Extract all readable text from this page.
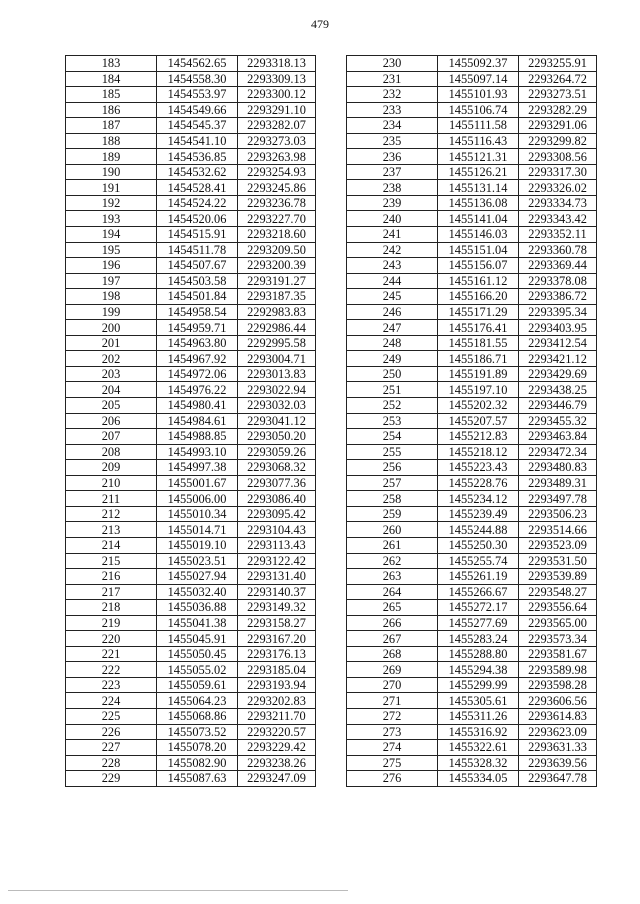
479
183	1454562.65	2293318.13
184	1454558.30	2293309.13
185	1454553.97	2293300.12
186	1454549.66	2293291.10
187	1454545.37	2293282.07
188	1454541.10	2293273.03
189	1454536.85	2293263.98
190	1454532.62	2293254.93
191	1454528.41	2293245.86
192	1454524.22	2293236.78
193	1454520.06	2293227.70
194	1454515.91	2293218.60
195	1454511.78	2293209.50
196	1454507.67	2293200.39
197	1454503.58	2293191.27
198	1454501.84	2293187.35
199	1454958.54	2292983.83
200	1454959.71	2292986.44
201	1454963.80	2292995.58
202	1454967.92	2293004.71
203	1454972.06	2293013.83
204	1454976.22	2293022.94
205	1454980.41	2293032.03
206	1454984.61	2293041.12
207	1454988.85	2293050.20
208	1454993.10	2293059.26
209	1454997.38	2293068.32
210	1455001.67	2293077.36
211	1455006.00	2293086.40
212	1455010.34	2293095.42
213	1455014.71	2293104.43
214	1455019.10	2293113.43
215	1455023.51	2293122.42
216	1455027.94	2293131.40
217	1455032.40	2293140.37
218	1455036.88	2293149.32
219	1455041.38	2293158.27
220	1455045.91	2293167.20
221	1455050.45	2293176.13
222	1455055.02	2293185.04
223	1455059.61	2293193.94
224	1455064.23	2293202.83
225	1455068.86	2293211.70
226	1455073.52	2293220.57
227	1455078.20	2293229.42
228	1455082.90	2293238.26
229	1455087.63	2293247.09
230	1455092.37	2293255.91
231	1455097.14	2293264.72
232	1455101.93	2293273.51
233	1455106.74	2293282.29
234	1455111.58	2293291.06
235	1455116.43	2293299.82
236	1455121.31	2293308.56
237	1455126.21	2293317.30
238	1455131.14	2293326.02
239	1455136.08	2293334.73
240	1455141.04	2293343.42
241	1455146.03	2293352.11
242	1455151.04	2293360.78
243	1455156.07	2293369.44
244	1455161.12	2293378.08
245	1455166.20	2293386.72
246	1455171.29	2293395.34
247	1455176.41	2293403.95
248	1455181.55	2293412.54
249	1455186.71	2293421.12
250	1455191.89	2293429.69
251	1455197.10	2293438.25
252	1455202.32	2293446.79
253	1455207.57	2293455.32
254	1455212.83	2293463.84
255	1455218.12	2293472.34
256	1455223.43	2293480.83
257	1455228.76	2293489.31
258	1455234.12	2293497.78
259	1455239.49	2293506.23
260	1455244.88	2293514.66
261	1455250.30	2293523.09
262	1455255.74	2293531.50
263	1455261.19	2293539.89
264	1455266.67	2293548.27
265	1455272.17	2293556.64
266	1455277.69	2293565.00
267	1455283.24	2293573.34
268	1455288.80	2293581.67
269	1455294.38	2293589.98
270	1455299.99	2293598.28
271	1455305.61	2293606.56
272	1455311.26	2293614.83
273	1455316.92	2293623.09
274	1455322.61	2293631.33
275	1455328.32	2293639.56
276	1455334.05	2293647.78
